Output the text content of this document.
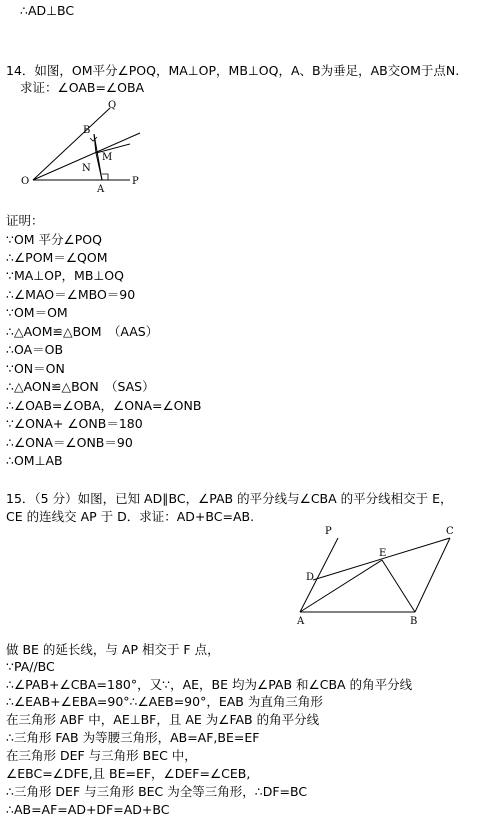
∴AD⊥BC
14．如图，OM平分∠POQ，MA⊥OP，MB⊥OQ，A、B为垂足，AB交OM于点N.
求证：∠OAB=∠OBA
O	P
Q
B
M
N
A
证明：
∵OM 平分∠POQ
∴∠POM＝∠QOM
∵MA⊥OP，MB⊥OQ
∴∠MAO＝∠MBO＝90
∵OM＝OM
∴△AOM≌△BOM　（AAS）
∴OA＝OB
∵ON＝ON
∴△AON≌△BON　（SAS）
∴∠OAB=∠OBA，∠ONA=∠ONB
∵∠ONA+ ∠ONB＝180
∴∠ONA＝∠ONB＝90
∴OM⊥AB
15．（5 分）如图，已知 AD∥BC，∠PAB 的平分线与∠CBA 的平分线相交于 E，
CE 的连线交 AP 于 D．求证：AD+BC=AB.
P	C
E
D
A	B
做 BE 的延长线，与 AP 相交于 F 点，
∵PA//BC
∴∠PAB+∠CBA=180°，又∵，AE，BE 均为∠PAB 和∠CBA 的角平分线
∴∠EAB+∠EBA=90°∴∠AEB=90°，EAB 为直角三角形
在三角形 ABF 中，AE⊥BF，且 AE 为∠FAB 的角平分线
∴三角形 FAB 为等腰三角形，AB=AF,BE=EF
在三角形 DEF 与三角形 BEC 中，
∠EBC=∠DFE,且 BE=EF，∠DEF=∠CEB,
∴三角形 DEF 与三角形 BEC 为全等三角形，∴DF=BC
∴AB=AF=AD+DF=AD+BC
